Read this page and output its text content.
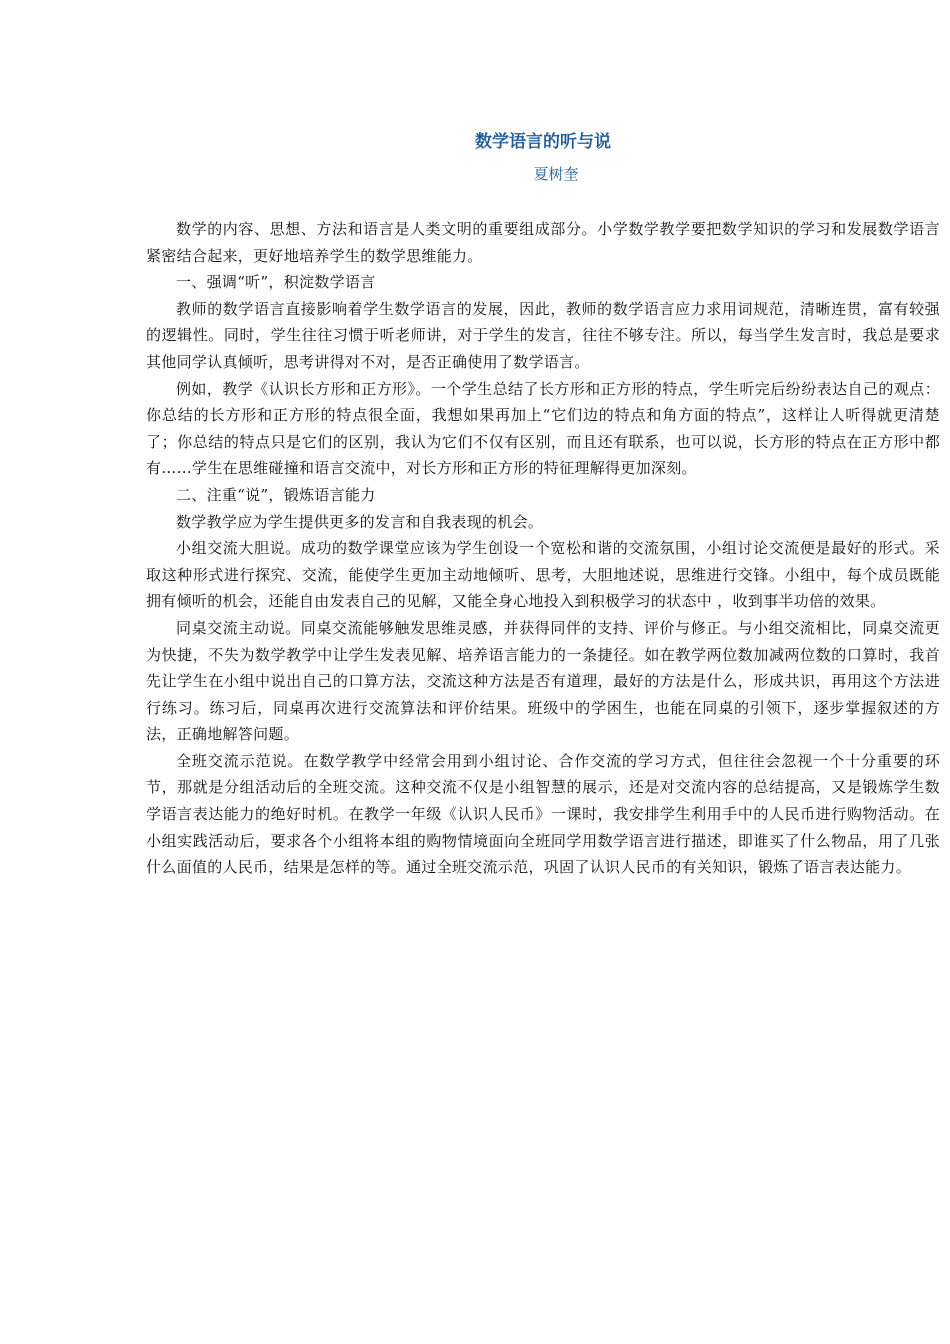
数学语言的听与说

夏树奎

数学的内容、思想、方法和语言是人类文明的重要组成部分。小学数学教学要把数学知识的学习和发展数学语言紧密结合起来，更好地培养学生的数学思维能力。

一、强调“听”，积淀数学语言

教师的数学语言直接影响着学生数学语言的发展，因此，教师的数学语言应力求用词规范，清晰连贯，富有较强的逻辑性。同时，学生往往习惯于听老师讲，对于学生的发言，往往不够专注。所以，每当学生发言时，我总是要求其他同学认真倾听，思考讲得对不对，是否正确使用了数学语言。

例如，教学《认识长方形和正方形》。一个学生总结了长方形和正方形的特点，学生听完后纷纷表达自己的观点：你总结的长方形和正方形的特点很全面，我想如果再加上“它们边的特点和角方面的特点”，这样让人听得就更清楚了；你总结的特点只是它们的区别，我认为它们不仅有区别，而且还有联系，也可以说，长方形的特点在正方形中都有……学生在思维碰撞和语言交流中，对长方形和正方形的特征理解得更加深刻。

二、注重“说”，锻炼语言能力

数学教学应为学生提供更多的发言和自我表现的机会。

小组交流大胆说。成功的数学课堂应该为学生创设一个宽松和谐的交流氛围，小组讨论交流便是最好的形式。采取这种形式进行探究、交流，能使学生更加主动地倾听、思考，大胆地述说，思维进行交锋。小组中，每个成员既能拥有倾听的机会，还能自由发表自己的见解，又能全身心地投入到积极学习的状态中 ，收到事半功倍的效果。

同桌交流主动说。同桌交流能够触发思维灵感，并获得同伴的支持、评价与修正。与小组交流相比，同桌交流更为快捷，不失为数学教学中让学生发表见解、培养语言能力的一条捷径。如在教学两位数加减两位数的口算时，我首先让学生在小组中说出自己的口算方法，交流这种方法是否有道理，最好的方法是什么，形成共识，再用这个方法进行练习。练习后，同桌再次进行交流算法和评价结果。班级中的学困生，也能在同桌的引领下，逐步掌握叙述的方法，正确地解答问题。

全班交流示范说。在数学教学中经常会用到小组讨论、合作交流的学习方式，但往往会忽视一个十分重要的环节，那就是分组活动后的全班交流。这种交流不仅是小组智慧的展示，还是对交流内容的总结提高，又是锻炼学生数学语言表达能力的绝好时机。在教学一年级《认识人民币》一课时，我安排学生利用手中的人民币进行购物活动。在小组实践活动后，要求各个小组将本组的购物情境面向全班同学用数学语言进行描述，即谁买了什么物品，用了几张什么面值的人民币，结果是怎样的等。通过全班交流示范，巩固了认识人民币的有关知识，锻炼了语言表达能力。
